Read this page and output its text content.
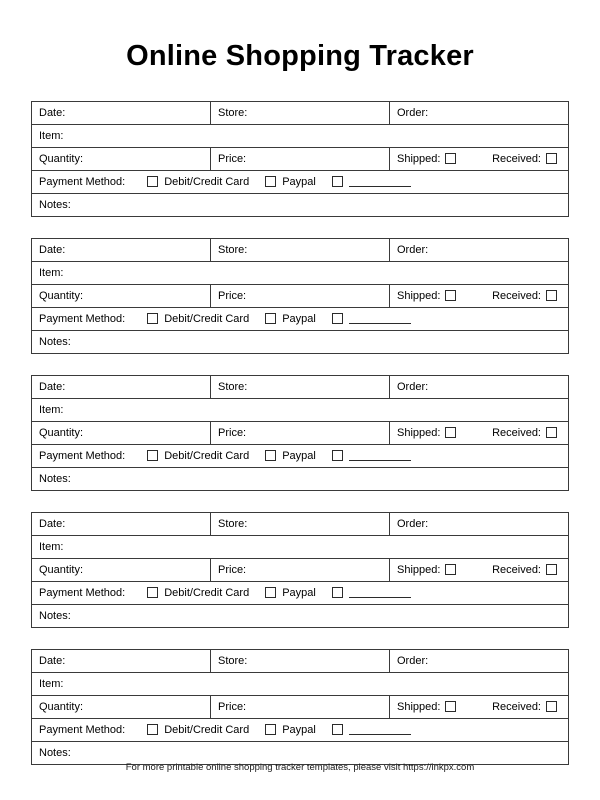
Online Shopping Tracker
Date:	Store:	Order:
Item:
Quantity:	Price:	Shipped:	Received:
Payment Method:	Debit/Credit Card	Paypal
Notes:
Date:	Store:	Order:
Item:
Quantity:	Price:	Shipped:	Received:
Payment Method:	Debit/Credit Card	Paypal
Notes:
Date:	Store:	Order:
Item:
Quantity:	Price:	Shipped:	Received:
Payment Method:	Debit/Credit Card	Paypal
Notes:
Date:	Store:	Order:
Item:
Quantity:	Price:	Shipped:	Received:
Payment Method:	Debit/Credit Card	Paypal
Notes:
Date:	Store:	Order:
Item:
Quantity:	Price:	Shipped:	Received:
Payment Method:	Debit/Credit Card	Paypal
Notes:
For more printable online shopping tracker templates, please visit https://inkpx.com
